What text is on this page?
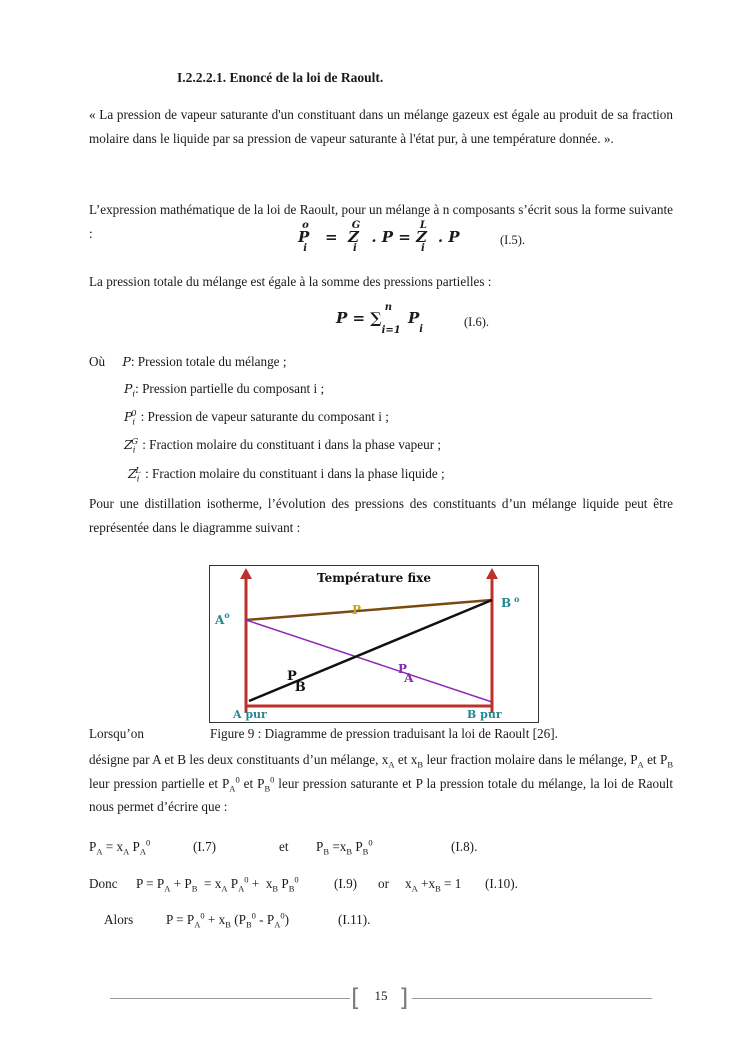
I.2.2.2.1. Enoncé de la loi de Raoult.
« La pression de vapeur saturante d'un constituant dans un mélange gazeux est égale au produit de sa fraction molaire dans le liquide par sa pression de vapeur saturante à l'état pur, à une température donnée. ».
L’expression mathématique de la loi de Raoult, pour un mélange à n composants s’écrit sous la forme suivante :	$P_i^o = Z_i^G$. $P = Z_i^L$. P	(I.5).
La pression totale du mélange est égale à la somme des pressions partielles :
$P = \sum_{i=1}^nP_i$
(I.6).
Où P: Pression totale du mélange ;
$P_i$: Pression partielle du composant i ;
$P_i^0$ : Pression de vapeur saturante du composant i ;
$Z_i^G$ : Fraction molaire du constituant i dans la phase vapeur ;
$Z_i^L$ : Fraction molaire du constituant i dans la phase liquide ;
Pour une distillation isotherme, l’évolution des pressions des constituants d’un mélange liquide peut être représentée dans le diagramme suivant :
Température fixe
$A^o$
B $^o$
P
P A
P B
A pur	B pur
Lorsqu’on	Figure 9 : Diagramme de pression traduisant la loi de Raoult [26].
désigne par A et B les deux constituants d’un mélange, $x_A$ et $x_B$ leur fraction molaire dans le mélange, $P_A$ et $P_B$ leur pression partielle et $P_A^0$ et $P_B^0$ leur pression saturante et P la pression totale du mélange, la loi de Raoult nous permet d’écrire que :
$P_A = x_A$ $P_A^0$	(I.7)	et $P_B =x_B$ $P_B^0$	(I.8).
Donc $P = P_A + P_B = x_A$ $P_A^0 + x_B$ $P_B^0$	(I.9) or $x_A +x_B = 1$ (I.10).
Alors $P = P_A^0 + x_B$ $(P_B^0 - P_A^0)$	(I.11).
[	15 ]
